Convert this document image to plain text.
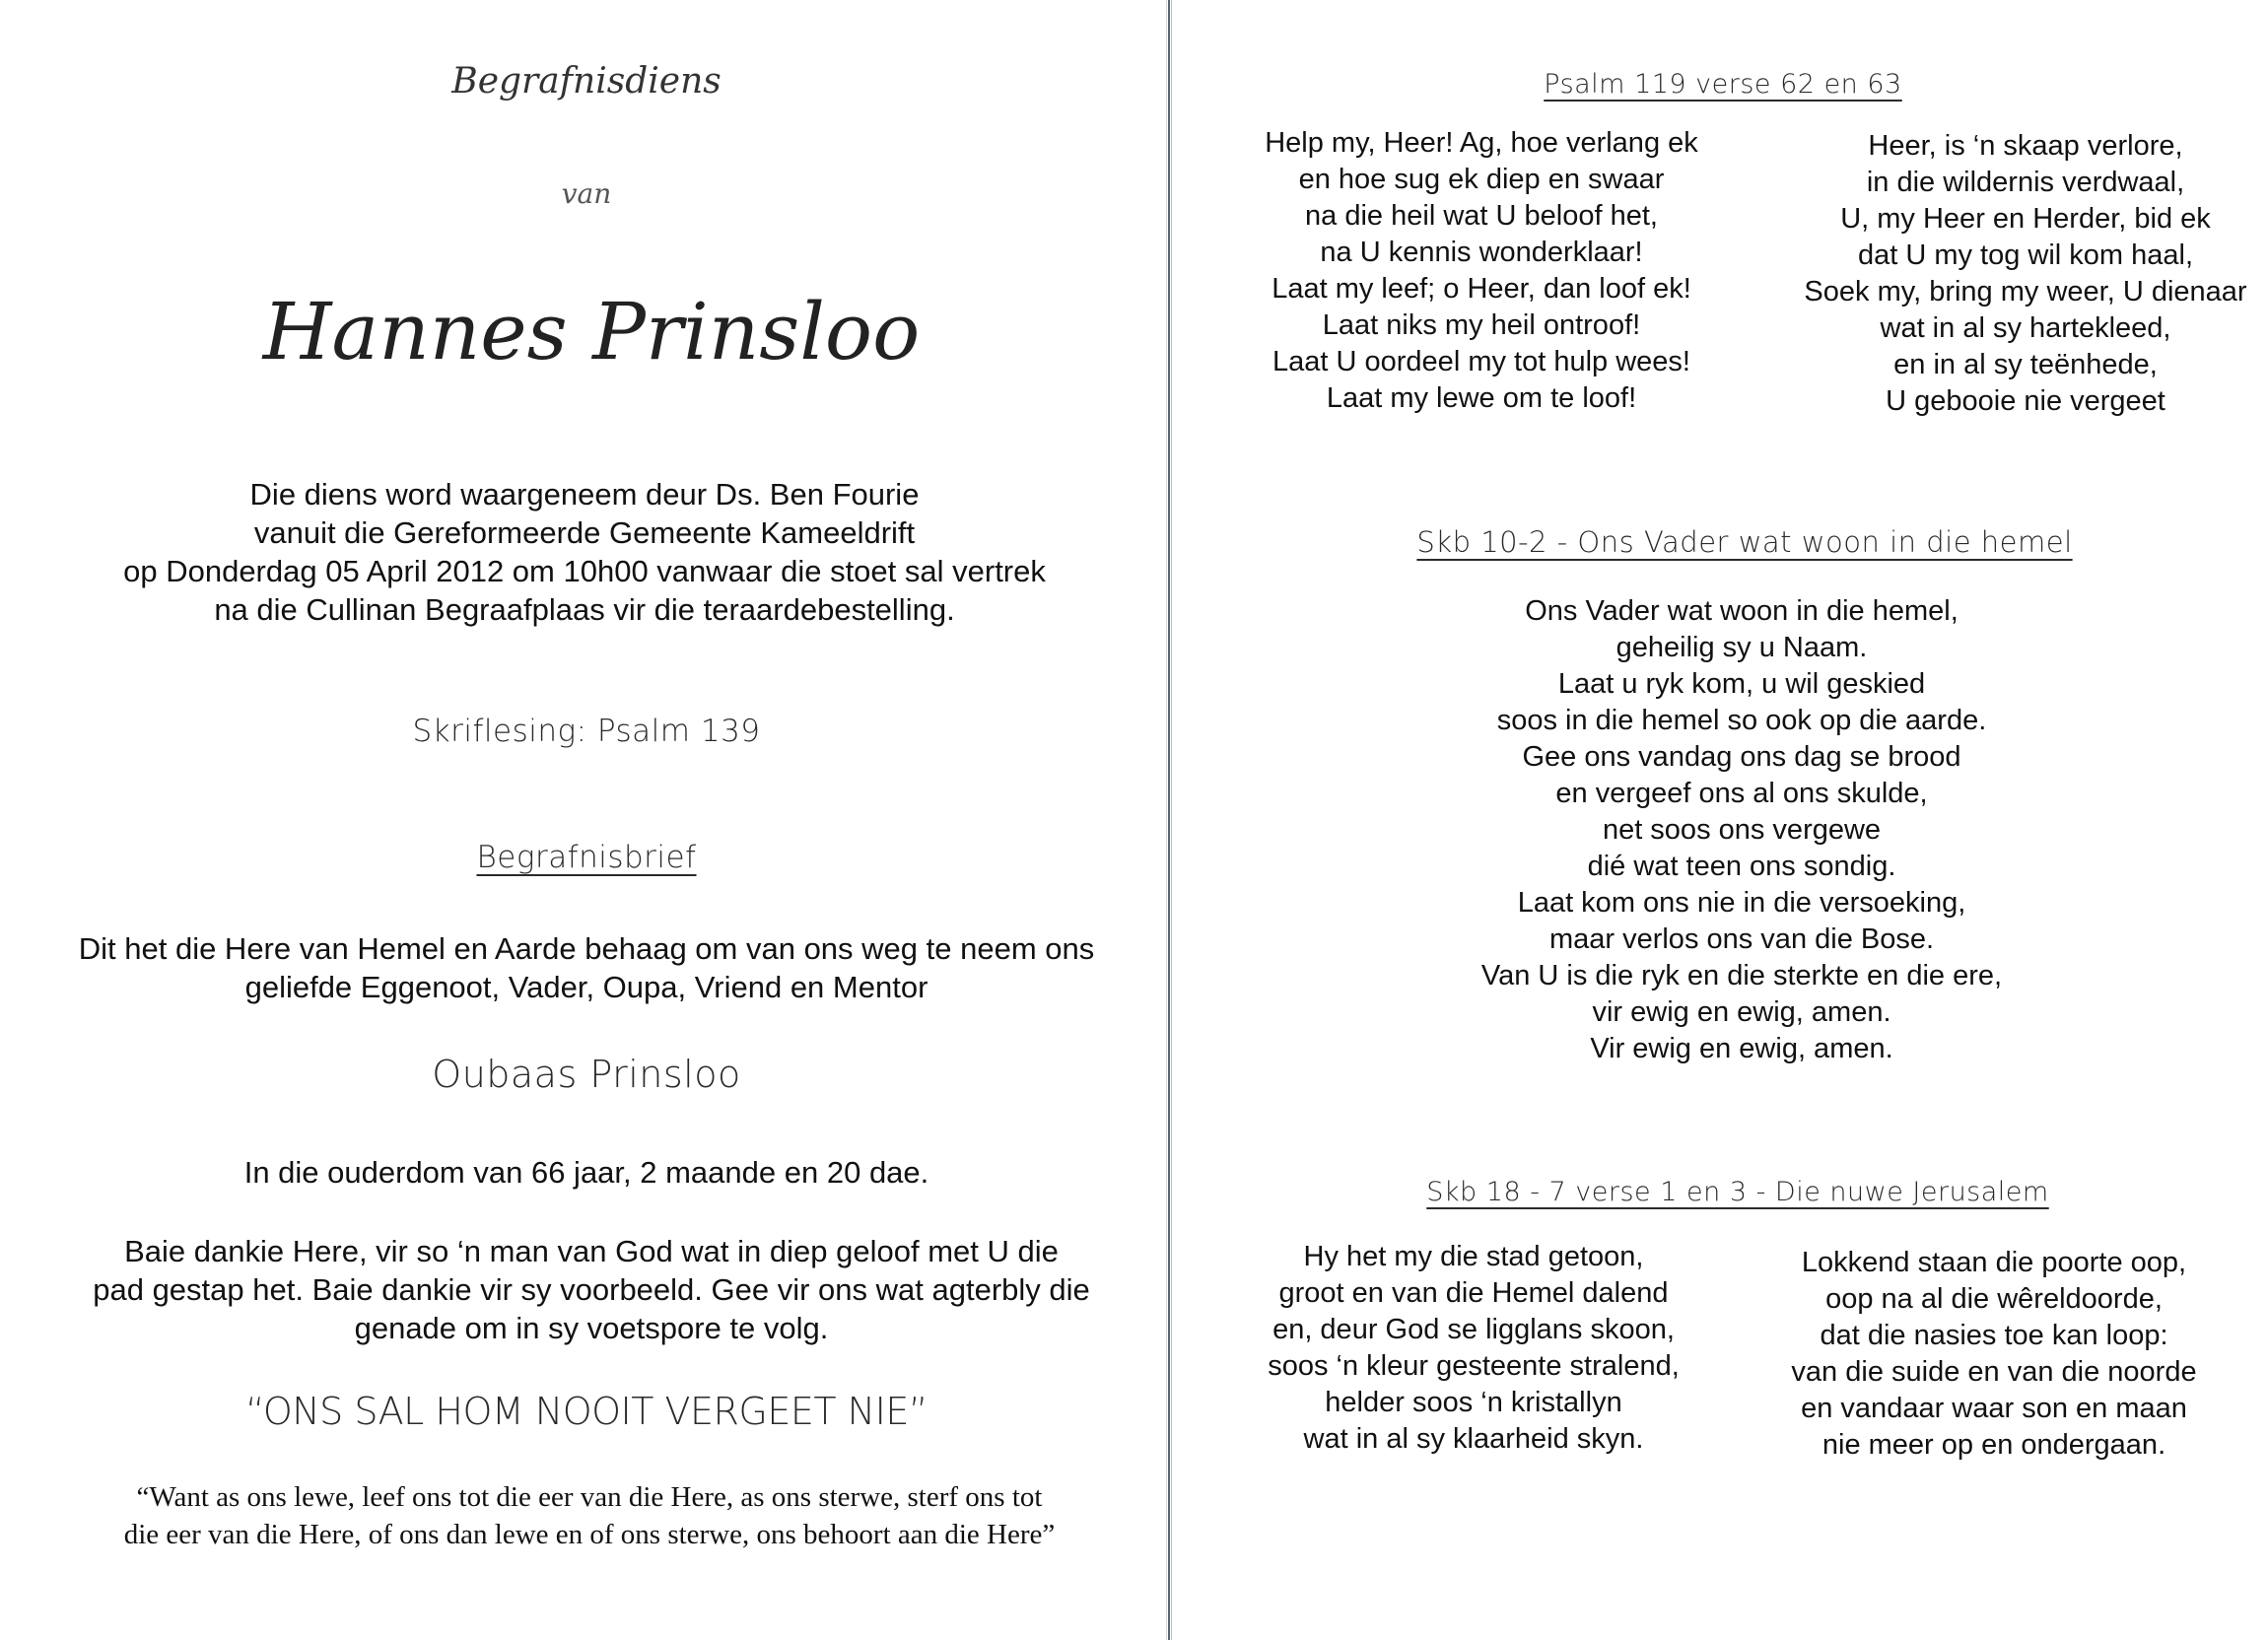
Begrafnisdiens
van
Hannes Prinsloo
Die diens word waargeneem deur Ds. Ben Fourie
vanuit die Gereformeerde Gemeente Kameeldrift
op Donderdag 05 April 2012 om 10h00 vanwaar die stoet sal vertrek
na die Cullinan Begraafplaas vir die teraardebestelling.
Skriflesing: Psalm 139
Begrafnisbrief
Dit het die Here van Hemel en Aarde behaag om van ons weg te neem ons
geliefde Eggenoot, Vader, Oupa, Vriend en Mentor
Oubaas Prinsloo
In die ouderdom van 66 jaar, 2 maande en 20 dae.
Baie dankie Here, vir so ‘n man van God wat in diep geloof met U die
pad gestap het. Baie dankie vir sy voorbeeld. Gee vir ons wat agterbly die
genade om in sy voetspore te volg.
“ONS SAL HOM NOOIT VERGEET NIE”
“Want as ons lewe, leef ons tot die eer van die Here, as ons sterwe, sterf ons tot
die eer van die Here, of ons dan lewe en of ons sterwe, ons behoort aan die Here”
Psalm 119 verse 62 en 63
Help my, Heer! Ag, hoe verlang ek
en hoe sug ek diep en swaar
na die heil wat U beloof het,
na U kennis wonderklaar!
Laat my leef; o Heer, dan loof ek!
Laat niks my heil ontroof!
Laat U oordeel my tot hulp wees!
Laat my lewe om te loof!
Heer, is ‘n skaap verlore,
in die wildernis verdwaal,
U, my Heer en Herder, bid ek
dat U my tog wil kom haal,
Soek my, bring my weer, U dienaar
wat in al sy hartekleed,
en in al sy teënhede,
U gebooie nie vergeet
Skb 10-2 - Ons Vader wat woon in die hemel
Ons Vader wat woon in die hemel,
geheilig sy u Naam.
Laat u ryk kom, u wil geskied
soos in die hemel so ook op die aarde.
Gee ons vandag ons dag se brood
en vergeef ons al ons skulde,
net soos ons vergewe
dié wat teen ons sondig.
Laat kom ons nie in die versoeking,
maar verlos ons van die Bose.
Van U is die ryk en die sterkte en die ere,
vir ewig en ewig, amen.
Vir ewig en ewig, amen.
Skb 18 - 7 verse 1 en 3 - Die nuwe Jerusalem
Hy het my die stad getoon,
groot en van die Hemel dalend
en, deur God se ligglans skoon,
soos ‘n kleur gesteente stralend,
helder soos ‘n kristallyn
wat in al sy klaarheid skyn.
Lokkend staan die poorte oop,
oop na al die wêreldoorde,
dat die nasies toe kan loop:
van die suide en van die noorde
en vandaar waar son en maan
nie meer op en ondergaan.
